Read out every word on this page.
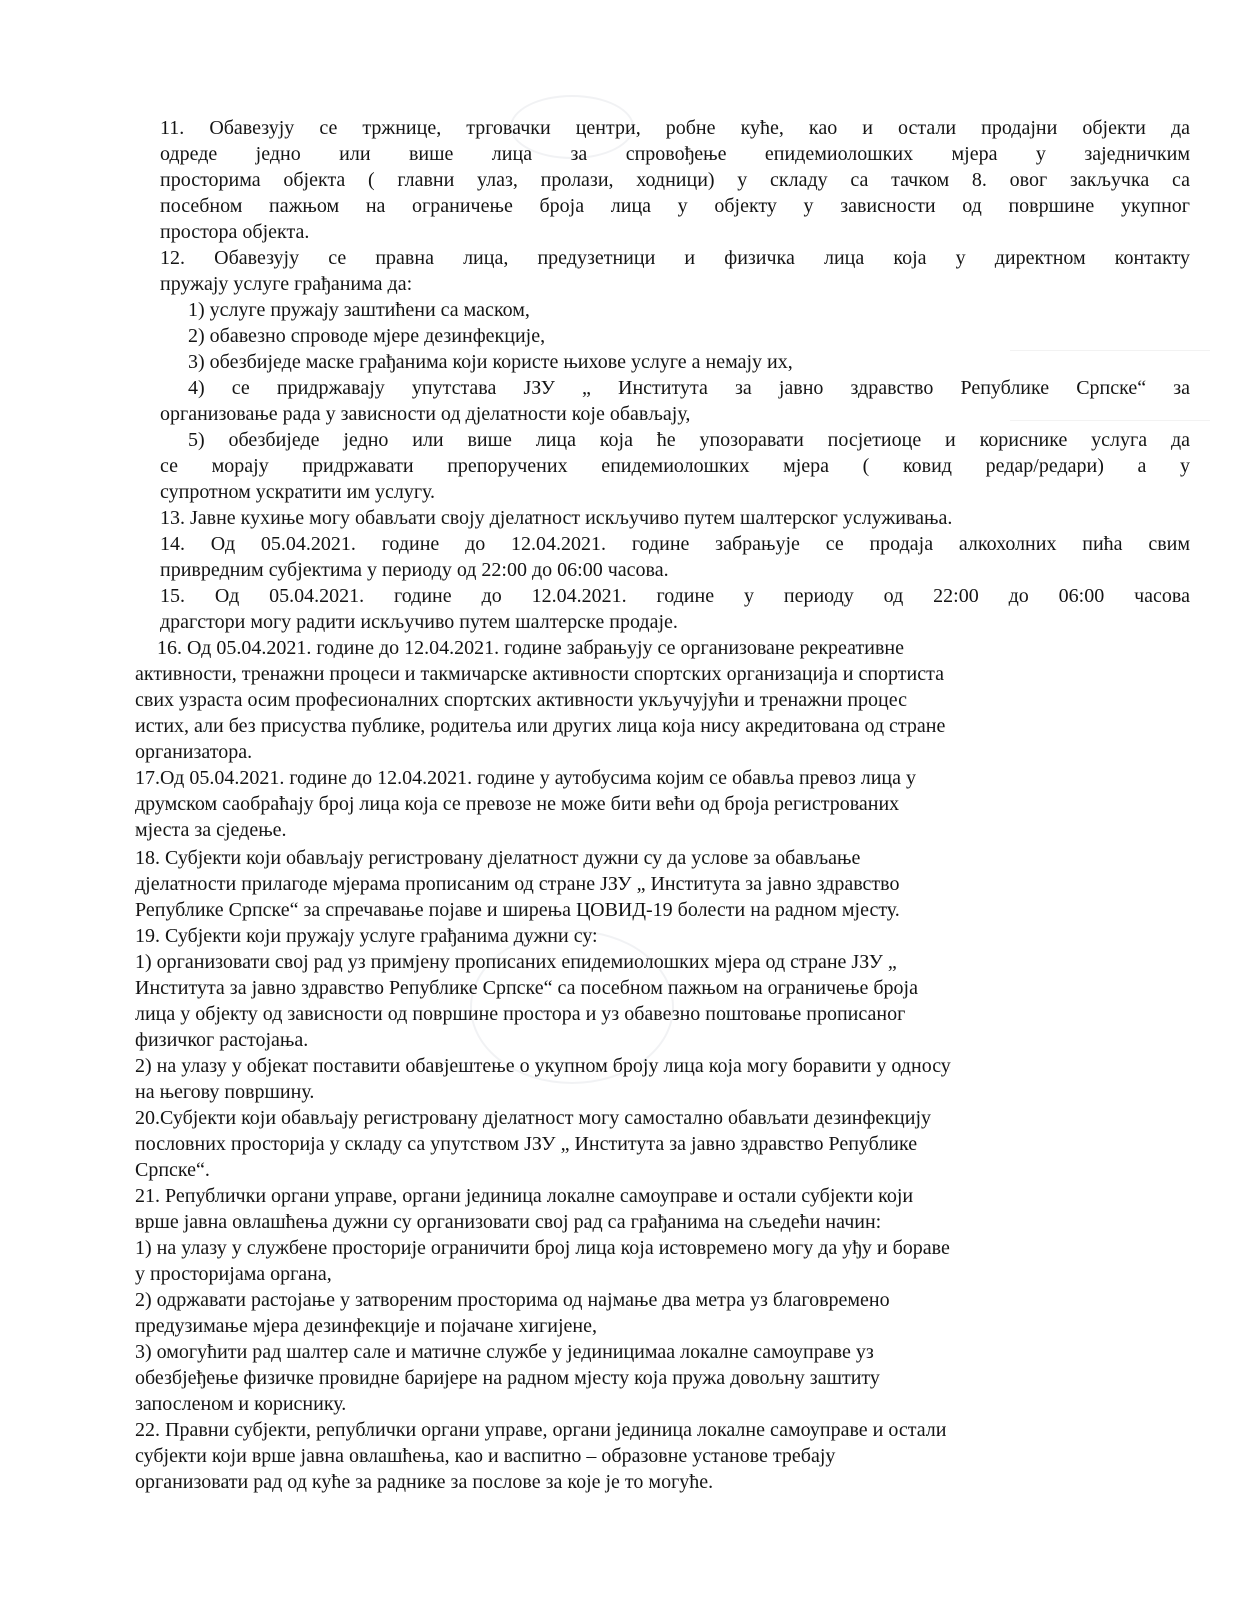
11. Обавезују се тржнице, трговачки центри, робне куће, као и остали продајни објекти да
одреде једно или више лица за спровођење епидемиолошких мјера у заједничким
просторима објекта ( главни улаз, пролази, ходници) у складу са тачком 8. овог закључка са
посебном пажњом на ограничење броја лица у објекту у зависности од површине укупног
простора објекта.
12. Обавезују се правна лица, предузетници и физичка лица која у директном контакту
пружају услуге грађанима да:
1) услуге пружају заштићени са маском,
2) обавезно спроводе мјере дезинфекције,
3) обезбиједе маске грађанима који користе њихове услуге а немају их,
4) се придржавају упутстава ЈЗУ „ Института за јавно здравство Републике Српске“ за
организовање рада у зависности од дјелатности које обављају,
5) обезбиједе једно или више лица која ће упозоравати посјетиоце и кориснике услуга да
се морају придржавати препоручених епидемиолошких мјера ( ковид редар/редари) а у
супротном ускратити им услугу.
13. Јавне кухиње могу обављати своју дјелатност искључиво путем шалтерског услуживања.
14. Од 05.04.2021. године до 12.04.2021. године забрањује се продаја алкохолних пића свим
привредним субјектима у периоду од 22:00 до 06:00 часова.
15. Од 05.04.2021. године до 12.04.2021. године у периоду од 22:00 до 06:00 часова
драгстори могу радити искључиво путем шалтерске продаје.
16. Од 05.04.2021. године до 12.04.2021. године забрањују се организоване рекреативне
активности, тренажни процеси и такмичарске активности спортских организација и спортиста
свих узраста осим професионалних спортских активности укључујући и тренажни процес
истих, али без присуства публике, родитеља или других лица која нису акредитована од стране
организатора.
17.Од 05.04.2021. године до 12.04.2021. године у аутобусима којим се обавља превоз лица у
друмском саобраћају број лица која се превозе не може бити већи од броја регистрованих
мјеста за сједење.
18. Субјекти који обављају регистровану дјелатност дужни су да услове за обављање
дјелатности прилагоде мјерама прописаним од стране ЈЗУ „ Института за јавно здравство
Републике Српске“ за спречавање појаве и ширења ЦОВИД-19 болести на радном мјесту.
19. Субјекти који пружају услуге грађанима дужни су:
1) организовати свој рад уз примјену прописаних епидемиолошких мјера од стране ЈЗУ „
Института за јавно здравство Републике Српске“ са посебном пажњом на ограничење броја
лица у објекту од зависности од површине простора и уз обавезно поштовање прописаног
физичког растојања.
2) на улазу у објекат поставити обавјештење о укупном броју лица која могу боравити у односу
на његову површину.
20.Субјекти који обављају регистровану дјелатност могу самостално обављати дезинфекцију
пословних просторија у складу са упутством ЈЗУ „ Института за јавно здравство Републике
Српске“.
21. Републички органи управе, органи јединица локалне самоуправе и остали субјекти који
врше јавна овлашћења дужни су организовати свој рад са грађанима на сљедећи начин:
1) на улазу у службене просторије ограничити број лица која истовремено могу да уђу и бораве
у просторијама органа,
2) одржавати растојање у затвореним просторима од најмање два метра уз благовремено
предузимање мјера дезинфекције и појачане хигијене,
3) омогућити рад шалтер сале и матичне службе у јединицимаа локалне самоуправе уз
обезбјеђење физичке провидне баријере на радном мјесту која пружа довољну заштиту
запосленом и кориснику.
22. Правни субјекти, републички органи управе, органи јединица локалне самоуправе и остали
субјекти који врше јавна овлашћења, као и васпитно – образовне установе требају
организовати рад од куће за раднике за послове за које је то могуће.
